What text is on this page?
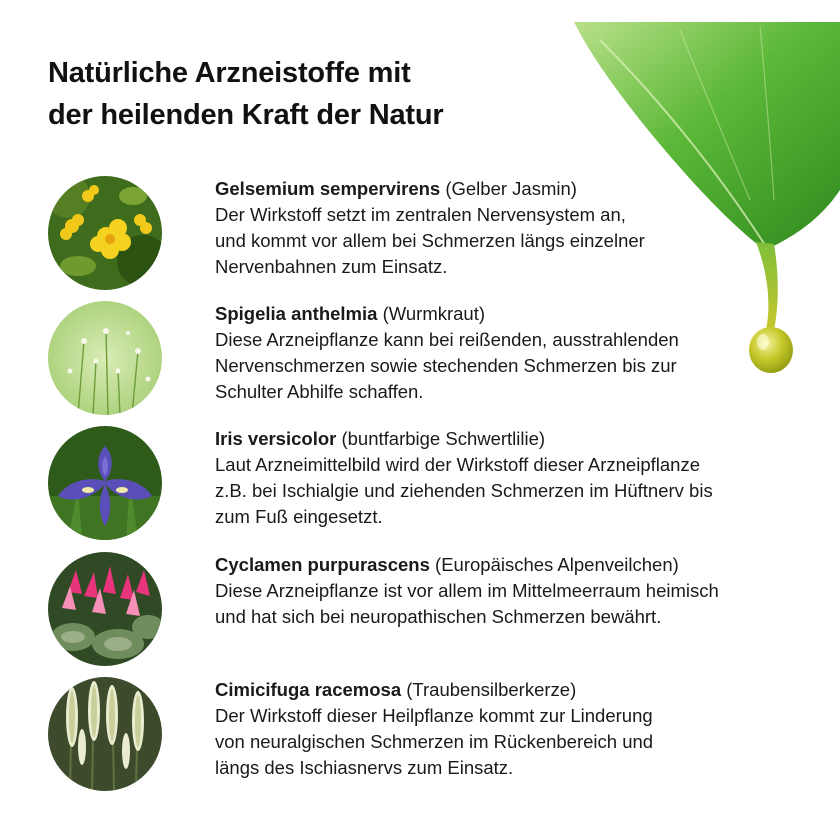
Natürliche Arzneistoffe mit
der heilenden Kraft der Natur
Gelsemium sempervirens (Gelber Jasmin)
Der Wirkstoff setzt im zentralen Nervensystem an,
und kommt vor allem bei Schmerzen längs einzelner
Nervenbahnen zum Einsatz.
Spigelia anthelmia (Wurmkraut)
Diese Arzneipflanze kann bei reißenden, ausstrahlenden
Nervenschmerzen sowie stechenden Schmerzen bis zur
Schulter Abhilfe schaffen.
Iris versicolor (buntfarbige Schwertlilie)
Laut Arzneimittelbild wird der Wirkstoff dieser Arzneipflanze
z.B. bei Ischialgie und ziehenden Schmerzen im Hüftnerv bis
zum Fuß eingesetzt.
Cyclamen purpurascens (Europäisches Alpenveilchen)
Diese Arzneipflanze ist vor allem im Mittelmeerraum heimisch
und hat sich bei neuropathischen Schmerzen bewährt.
Cimicifuga racemosa (Traubensilberkerze)
Der Wirkstoff dieser Heilpflanze kommt zur Linderung
von neuralgischen Schmerzen im Rückenbereich und
längs des Ischiasnervs zum Einsatz.
